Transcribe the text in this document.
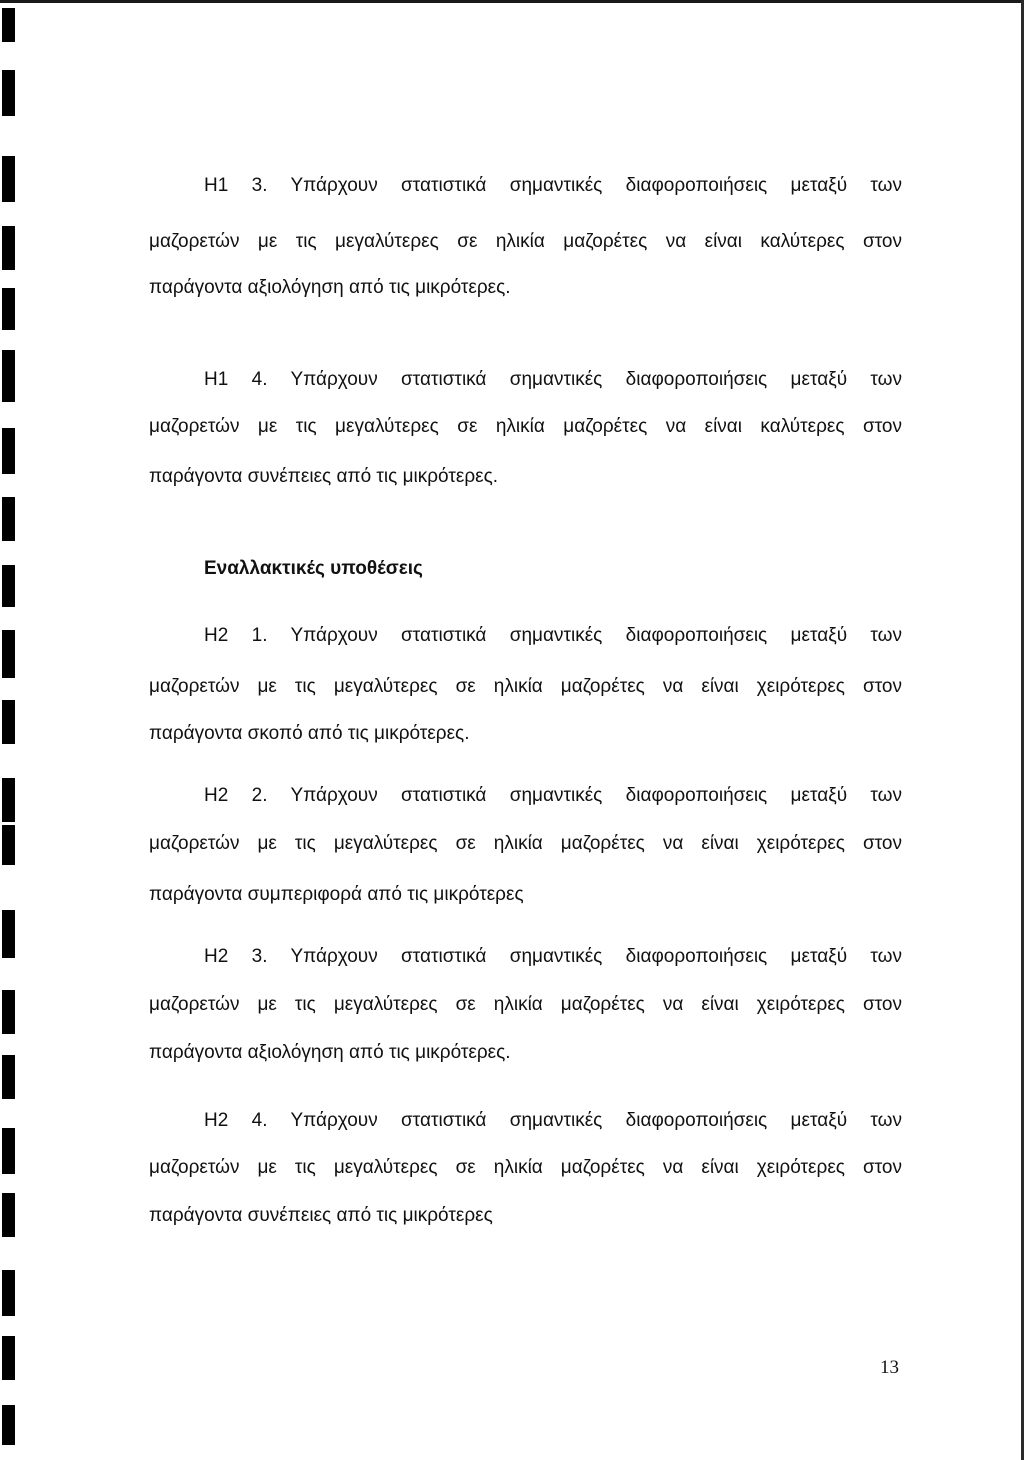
Η1 3. Υπάρχουν στατιστικά σημαντικές διαφοροποιήσεις μεταξύ των
μαζορετών με τις μεγαλύτερες σε ηλικία μαζορέτες να είναι καλύτερες στον
παράγοντα αξιολόγηση από τις μικρότερες.
Η1 4. Υπάρχουν στατιστικά σημαντικές διαφοροποιήσεις μεταξύ των
μαζορετών με τις μεγαλύτερες σε ηλικία μαζορέτες να είναι καλύτερες στον
παράγοντα συνέπειες από τις μικρότερες.
Εναλλακτικές υποθέσεις
Η2 1. Υπάρχουν στατιστικά σημαντικές διαφοροποιήσεις μεταξύ των
μαζορετών με τις μεγαλύτερες σε ηλικία μαζορέτες να είναι χειρότερες στον
παράγοντα σκοπό από τις μικρότερες.
Η2 2. Υπάρχουν στατιστικά σημαντικές διαφοροποιήσεις μεταξύ των
μαζορετών με τις μεγαλύτερες σε ηλικία μαζορέτες να είναι χειρότερες στον
παράγοντα συμπεριφορά από τις μικρότερες
Η2 3. Υπάρχουν στατιστικά σημαντικές διαφοροποιήσεις μεταξύ των
μαζορετών με τις μεγαλύτερες σε ηλικία μαζορέτες να είναι χειρότερες στον
παράγοντα αξιολόγηση από τις μικρότερες.
Η2 4. Υπάρχουν στατιστικά σημαντικές διαφοροποιήσεις μεταξύ των
μαζορετών με τις μεγαλύτερες σε ηλικία μαζορέτες να είναι χειρότερες στον
παράγοντα συνέπειες από τις μικρότερες
13
